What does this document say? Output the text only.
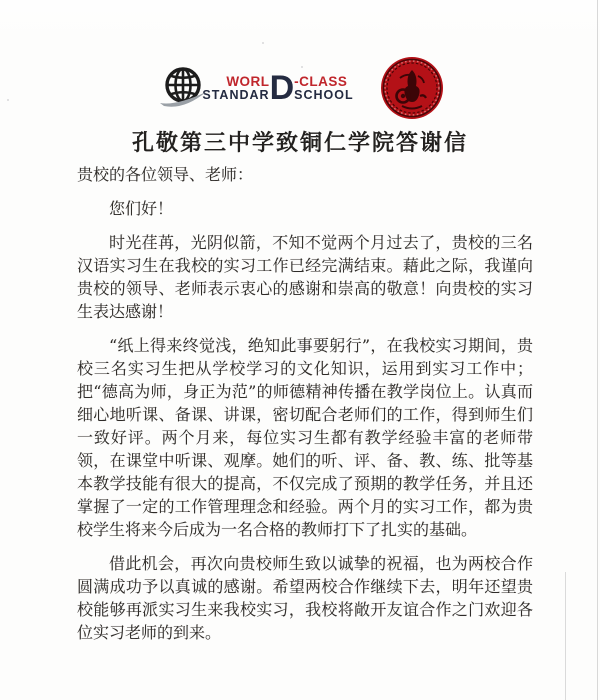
WORL
STANDAR D -CLASS
SCHOOL
孔敬第三中学致铜仁学院答谢信

贵校的各位领导、老师：

您们好！

时光荏苒，光阴似箭，不知不觉两个月过去了，贵校的三名汉语实习生在我校的实习工作已经完满结束。藉此之际，我谨向贵校的领导、老师表示衷心的感谢和崇高的敬意！向贵校的实习生表达感谢！

“纸上得来终觉浅，绝知此事要躬行”，在我校实习期间，贵校三名实习生把从学校学习的文化知识，运用到实习工作中；把“德高为师，身正为范”的师德精神传播在教学岗位上。认真而细心地听课、备课、讲课，密切配合老师们的工作，得到师生们一致好评。两个月来，每位实习生都有教学经验丰富的老师带领，在课堂中听课、观摩。她们的听、评、备、教、练、批等基本教学技能有很大的提高，不仅完成了预期的教学任务，并且还掌握了一定的工作管理理念和经验。两个月的实习工作，都为贵校学生将来今后成为一名合格的教师打下了扎实的基础。

借此机会，再次向贵校师生致以诚挚的祝福，也为两校合作圆满成功予以真诚的感谢。希望两校合作继续下去，明年还望贵校能够再派实习生来我校实习，我校将敞开友谊合作之门欢迎各位实习老师的到来。
